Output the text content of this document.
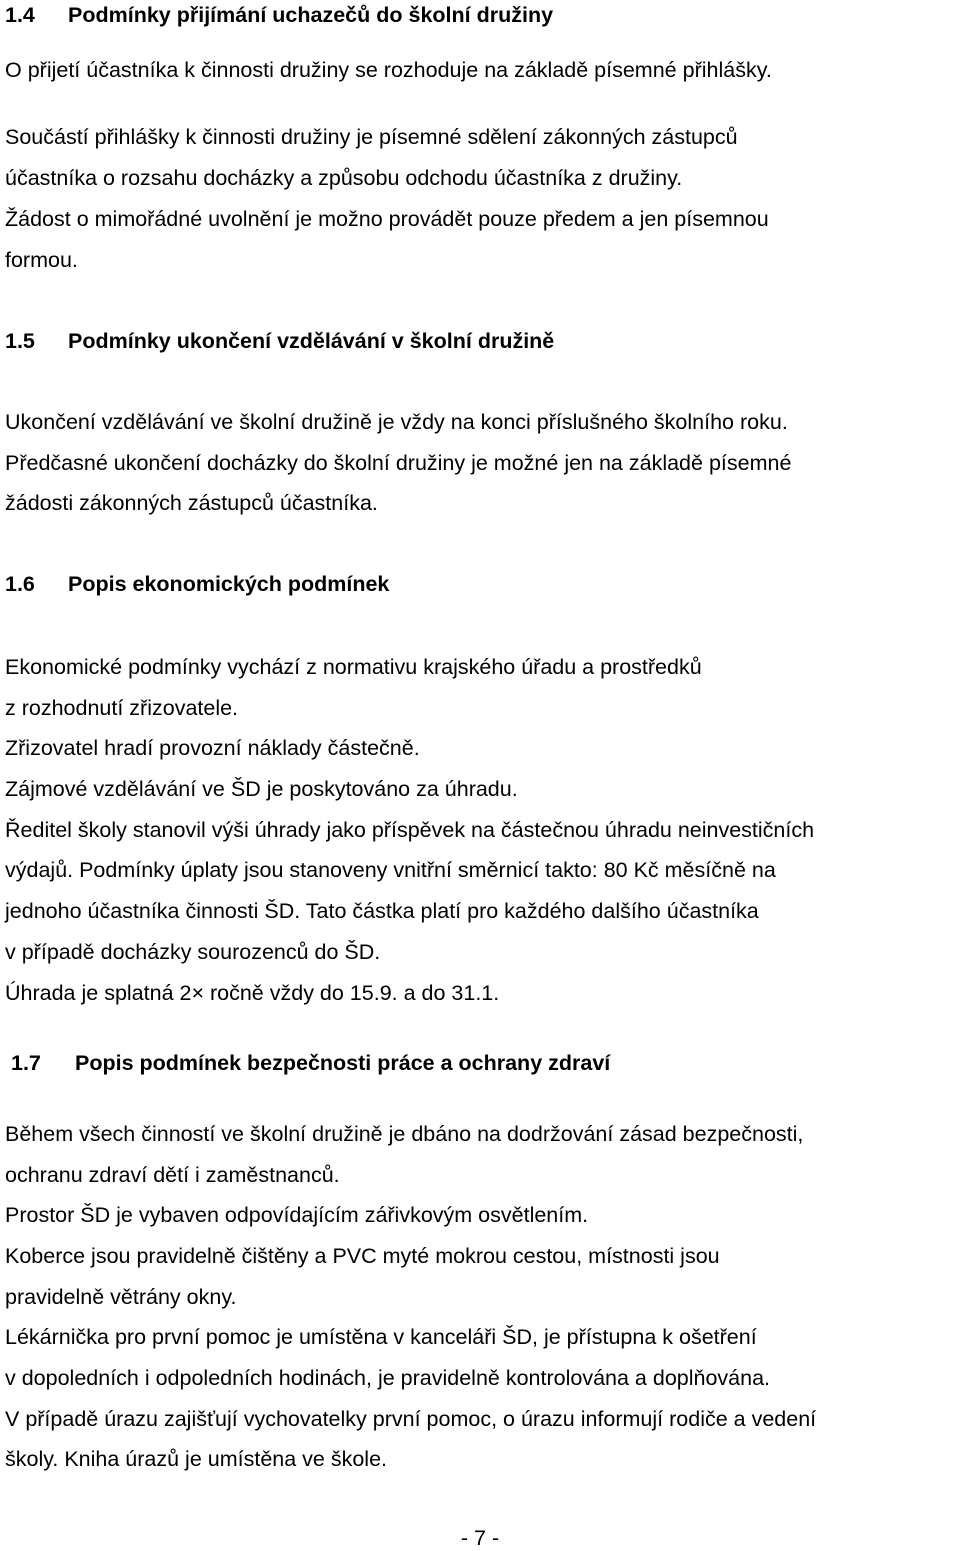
1.4 Podmínky přijímání uchazečů do školní družiny

O přijetí účastníka k činnosti družiny se rozhoduje na základě písemné přihlášky.

Součástí přihlášky k činnosti družiny je písemné sdělení zákonných zástupců

účastníka o rozsahu docházky a způsobu odchodu účastníka z družiny.

Žádost o mimořádné uvolnění je možno provádět pouze předem a jen písemnou

formou.

1.5 Podmínky ukončení vzdělávání v školní družině

Ukončení vzdělávání ve školní družině je vždy na konci příslušného školního roku.

Předčasné ukončení docházky do školní družiny je možné jen na základě písemné

žádosti zákonných zástupců účastníka.

1.6 Popis ekonomických podmínek

Ekonomické podmínky vychází z normativu krajského úřadu a prostředků

z rozhodnutí zřizovatele.

Zřizovatel hradí provozní náklady částečně.

Zájmové vzdělávání ve ŠD je poskytováno za úhradu.

Ředitel školy stanovil výši úhrady jako příspěvek na částečnou úhradu neinvestičních

výdajů. Podmínky úplaty jsou stanoveny vnitřní směrnicí takto: 80 Kč měsíčně na

jednoho účastníka činnosti ŠD. Tato částka platí pro každého dalšího účastníka

v případě docházky sourozenců do ŠD.

Úhrada je splatná 2× ročně vždy do 15.9. a do 31.1.

1.7 Popis podmínek bezpečnosti práce a ochrany zdraví

Během všech činností ve školní družině je dbáno na dodržování zásad bezpečnosti,

ochranu zdraví dětí i zaměstnanců.

Prostor ŠD je vybaven odpovídajícím zářivkovým osvětlením.

Koberce jsou pravidelně čištěny a PVC myté mokrou cestou, místnosti jsou

pravidelně větrány okny.

Lékárnička pro první pomoc je umístěna v kanceláři ŠD, je přístupna k ošetření

v dopoledních i odpoledních hodinách, je pravidelně kontrolována a doplňována.

V případě úrazu zajišťují vychovatelky první pomoc, o úrazu informují rodiče a vedení

školy. Kniha úrazů je umístěna ve škole.

- 7 -
